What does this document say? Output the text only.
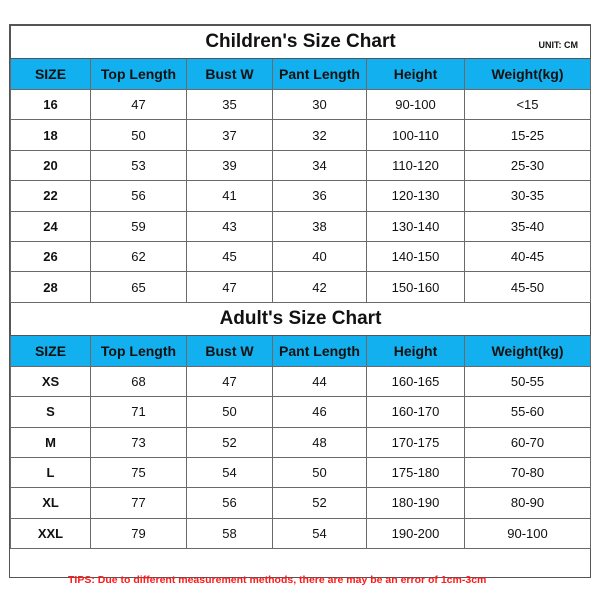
Children's Size Chart UNIT: CM					

SIZE	Top Length	Bust W	Pant Length	Height	Weight(kg)
16	47	35	30	90-100	<15
18	50	37	32	100-110	15-25
20	53	39	34	110-120	25-30
22	56	41	36	120-130	30-35
24	59	43	38	130-140	35-40
26	62	45	40	140-150	40-45
28	65	47	42	150-160	45-50
Adult's Size Chart					
SIZE	Top Length	Bust W	Pant Length	Height	Weight(kg)
XS	68	47	44	160-165	50-55
S	71	50	46	160-170	55-60
M	73	52	48	170-175	60-70
L	75	54	50	175-180	70-80
XL	77	56	52	180-190	80-90
XXL	79	58	54	190-200	90-100
TIPS: Due to different measurement methods, there are may be an error of 1cm-3cm
